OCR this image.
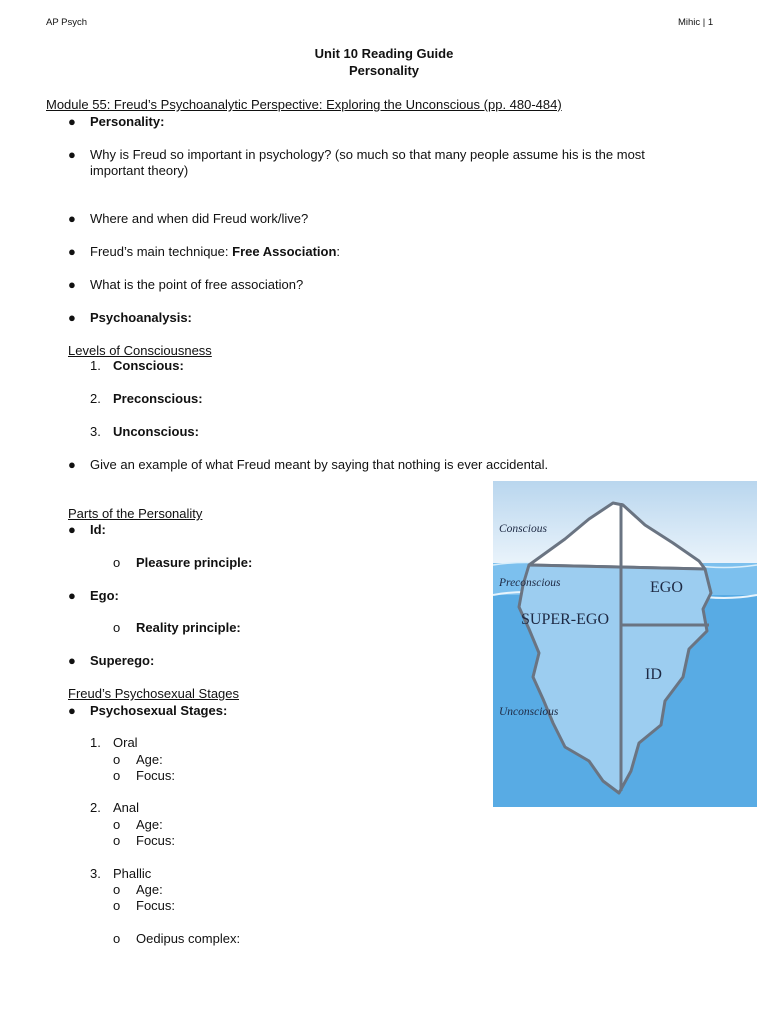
AP Psych	Mihic | 1
Unit 10 Reading Guide
Personality
Module 55: Freud’s Psychoanalytic Perspective: Exploring the Unconscious (pp. 480-484)
● Personality:
● Why is Freud so important in psychology? (so much so that many people assume his is the most important theory)
● Where and when did Freud work/live?
● Freud’s main technique: Free Association:
● What is the point of free association?
● Psychoanalysis:
Levels of Consciousness
1. Conscious:
2. Preconscious:
3. Unconscious:
● Give an example of what Freud meant by saying that nothing is ever accidental.
Parts of the Personality
● Id:
o Pleasure principle:
● Ego:
o Reality principle:
● Superego:
Freud’s Psychosexual Stages
● Psychosexual Stages:
1. Oral
o Age:
o Focus:
2. Anal
o Age:
o Focus:
3. Phallic
o Age:
o Focus:
o Oedipus complex:
Conscious
Preconscious
Unconscious
EGO
SUPER-EGO
ID
